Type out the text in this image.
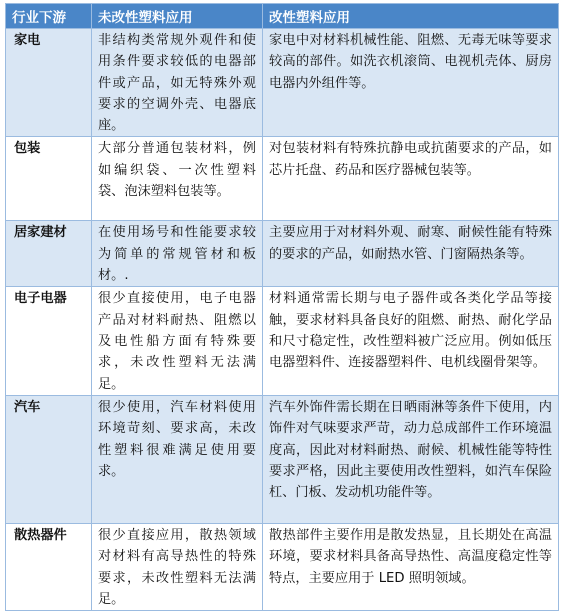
行业下游	未改性塑料应用	改性塑料应用
家电	非结构类常规外观件和使用条件要求较低的电器部件或产品，如无特殊外观要求的空调外壳、电器底座。	家电中对材料机械性能、阻燃、无毒无味等要求较高的部件。如洗衣机滚筒、电视机壳体、厨房电器内外组件等。
包装	大部分普通包装材料，例如编织袋、一次性塑料袋、泡沫塑料包装等。	对包装材料有特殊抗静电或抗菌要求的产品，如芯片托盘、药品和医疗器械包装等。
居家建材	在使用场号和性能要求较为简单的常规管材和板材。.	主要应用于对材料外观、耐寒、耐候性能有特殊的要求的产品，如耐热水管、门窗隔热条等。
电子电器	很少直接使用，电子电器产品对材料耐热、阻燃以及电性船方面有特殊要求，未改性塑料无法满足。	材料通常需长期与电子器件或各类化学品等接触，要求材料具备良好的阻燃、耐热、耐化学品和尺寸稳定性，改性塑料被广泛应用。例如低压电器塑料件、连接器塑料件、电机线圈骨架等。
汽车	很少使用，汽车材料使用环境苛刻、要求高，未改性塑料很难满足使用要求。	汽车外饰件需长期在日晒雨淋等条件下使用，内饰件对气味要求严苛，动力总成部件工作环境温度高，因此对材料耐热、耐候、机械性能等特性要求严格，因此主要使用改性塑料，如汽车保险杠、门板、发动机功能件等。
散热器件	很少直接应用，散热领域对材料有高导热性的特殊要求，未改性塑料无法满足。	散热部件主要作用是散发热显，且长期处在高温环境，要求材料具备高导热性、高温度稳定性等特点，主要应用于 LED 照明领域。
